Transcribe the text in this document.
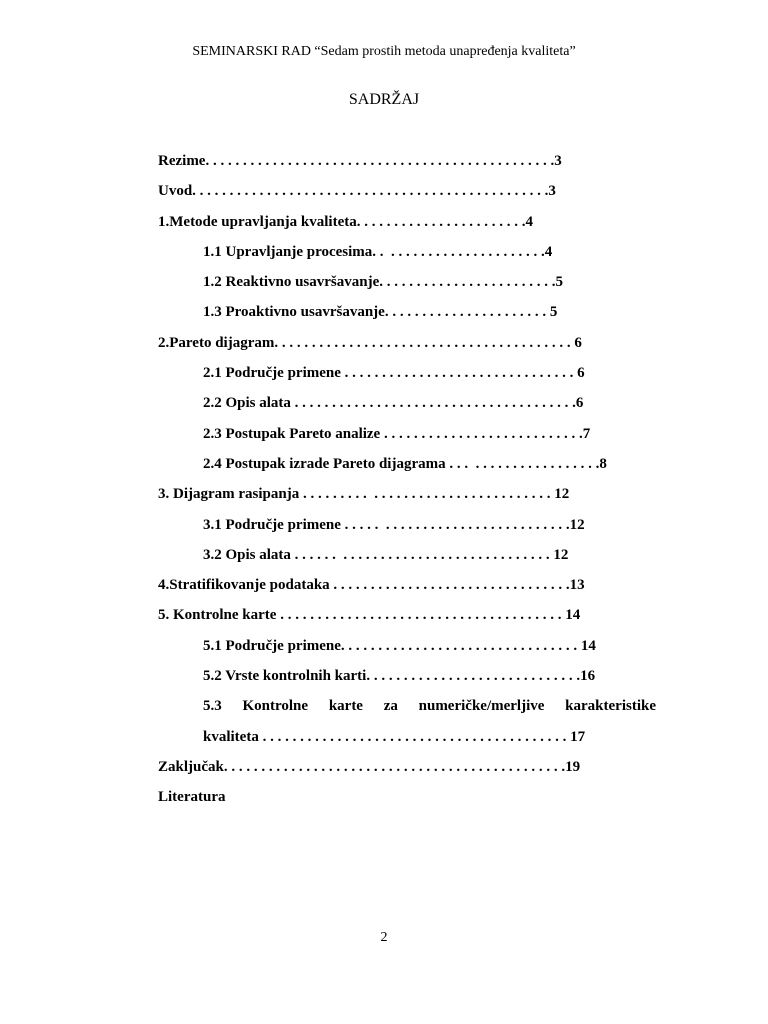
SEMINARSKI RAD “Sedam prostih metoda unapređenja kvaliteta”
SADRŽAJ
Rezime. . . . . . . . . . . . . . . . . . . . . . . . . . . . . . . . . . . . . . . . . . . . . . .3
Uvod. . . . . . . . . . . . . . . . . . . . . . . . . . . . . . . . . . . . . . . . . . . . . . . .3
1.Metode upravljanja kvaliteta. . . . . . . . . . . . . . . . . . . . . . .4
1.1 Upravljanje procesima. .  . . . . . . . . . . . . . . . . . . . . .4
1.2 Reaktivno usavršavanje. . . . . . . . . . . . . . . . . . . . . . . .5
1.3 Proaktivno usavršavanje. . . . . . . . . . . . . . . . . . . . . . 5
2.Pareto dijagram. . . . . . . . . . . . . . . . . . . . . . . . . . . . . . . . . . . . . . . . 6
2.1 Područje primene . . . . . . . . . . . . . . . . . . . . . . . . . . . . . . . 6
2.2 Opis alata . . . . . . . . . . . . . . . . . . . . . . . . . . . . . . . . . . . . . .6
2.3 Postupak Pareto analize . . . . . . . . . . . . . . . . . . . . . . . . . . .7
2.4 Postupak izrade Pareto dijagrama . . .  . . . . . . . . . . . . . . . . .8
3. Dijagram rasipanja . . . . . . . . .  . . . . . . . . . . . . . . . . . . . . . . . . 12
3.1 Područje primene . . . . .  . . . . . . . . . . . . . . . . . . . . . . . . .12
3.2 Opis alata . . . . . .  . . . . . . . . . . . . . . . . . . . . . . . . . . . . 12
4.Stratifikovanje podataka . . . . . . . . . . . . . . . . . . . . . . . . . . . . . . . .13
5. Kontrolne karte . . . . . . . . . . . . . . . . . . . . . . . . . . . . . . . . . . . . . . 14
5.1 Područje primene. . . . . . . . . . . . . . . . . . . . . . . . . . . . . . . . 14
5.2 Vrste kontrolnih karti. . . . . . . . . . . . . . . . . . . . . . . . . . . . .16
5.3 Kontrolne karte za numeričke/merljive karakteristike
kvaliteta . . . . . . . . . . . . . . . . . . . . . . . . . . . . . . . . . . . . . . . . . 17
Zaključak. . . . . . . . . . . . . . . . . . . . . . . . . . . . . . . . . . . . . . . . . . . . . .19
Literatura
2
